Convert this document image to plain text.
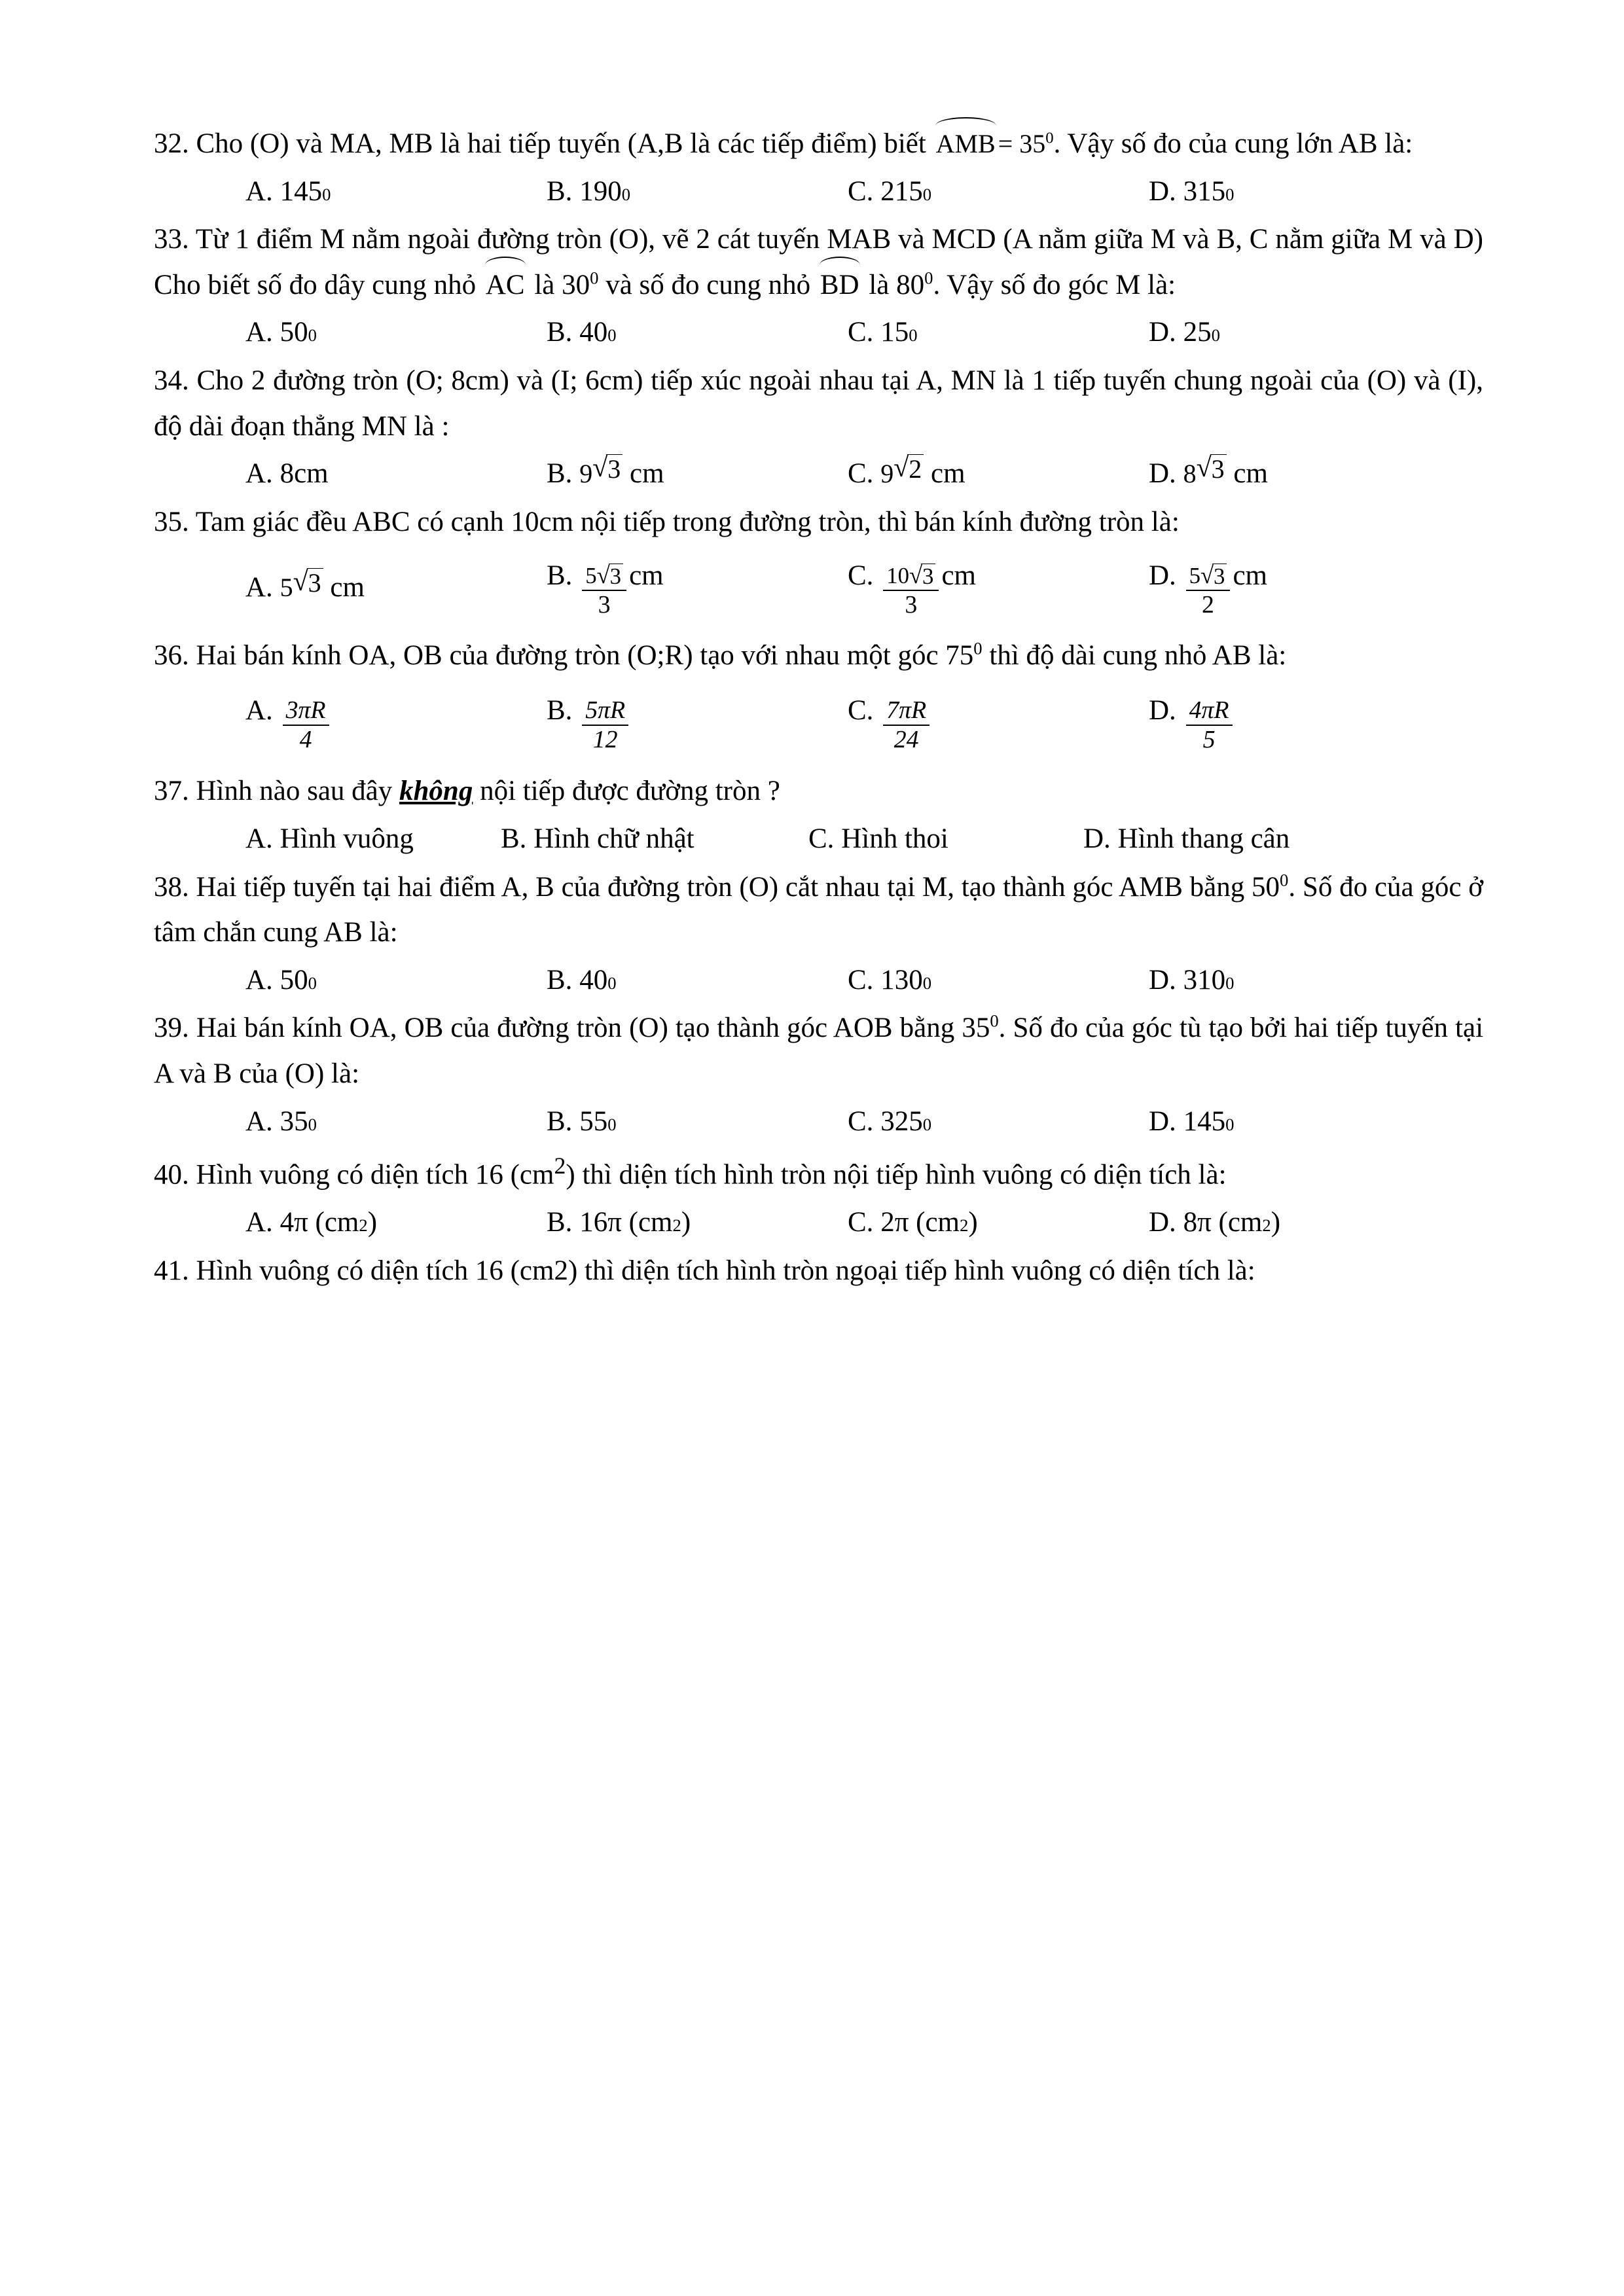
32. Cho (O) và MA, MB là hai tiếp tuyến (A,B là các tiếp điểm) biết AMB = $35^0$. Vậy số đo của cung lớn AB là:

A.
145 0	B.
190 0	C.
215 0	D.
315 0

33. Từ 1 điểm M nằm ngoài đường tròn (O), vẽ 2 cát tuyến MAB và MCD (A nằm giữa M và B, C nằm giữa M và D) Cho biết số đo dây cung nhỏ AC là $30^0$ và số đo cung nhỏ BD là $80^0$. Vậy số đo góc M là:

A.
50 0	B.
40 0	C.
15 0	D.
25 0

34. Cho 2 đường tròn (O; 8cm) và (I; 6cm) tiếp xúc ngoài nhau tại A, MN là 1 tiếp tuyến chung ngoài của (O) và (I), độ dài đoạn thẳng MN là :

A.
8cm	B.
9 √ 3
cm	C.
9 √ 2
cm	D.
8 √ 3
cm

35. Tam giác đều ABC có cạnh 10cm nội tiếp trong đường tròn, thì bán kính đường tròn là:

A.
5 √ 3
cm	B.
$\frac{5 √ 3}{3}$ cm	C.
$\frac{10 √ 3}{3}$ cm	D.
$\frac{5 √ 3}{2}$ cm

36. Hai bán kính OA, OB của đường tròn (O;R) tạo với nhau một góc $75^0$ thì độ dài cung nhỏ AB là:

A.
$\frac{3\pi R}{4}$	B.
$\frac{5\pi R}{12}$	C.
$\frac{7\pi R}{24}$	D.
$\frac{4\pi R}{5}$

37. Hình nào sau đây không nội tiếp được đường tròn ?

A.
Hình vuông	B.
Hình chữ nhật	C.
Hình thoi	D.
Hình thang cân

38. Hai tiếp tuyến tại hai điểm A, B của đường tròn (O) cắt nhau tại M, tạo thành góc AMB bằng $50^0$. Số đo của góc ở tâm chắn cung AB là:

A.
50 0	B.
40 0	C.
130 0	D.
310 0

39. Hai bán kính OA, OB của đường tròn (O) tạo thành góc AOB bằng $35^0$. Số đo của góc tù tạo bởi hai tiếp tuyến tại A và B của (O) là:

A.
35 0	B.
55 0	C.
325 0	D.
145 0

40. Hình vuông có diện tích 16 $(cm^2)$ thì diện tích hình tròn nội tiếp hình vuông có diện tích là:

A.
4π (cm 2 )	B.
16π (cm 2 )	C.
2π (cm 2 )	D.
8π (cm 2 )

41. Hình vuông có diện tích 16 (cm2) thì diện tích hình tròn ngoại tiếp hình vuông có diện tích là:
